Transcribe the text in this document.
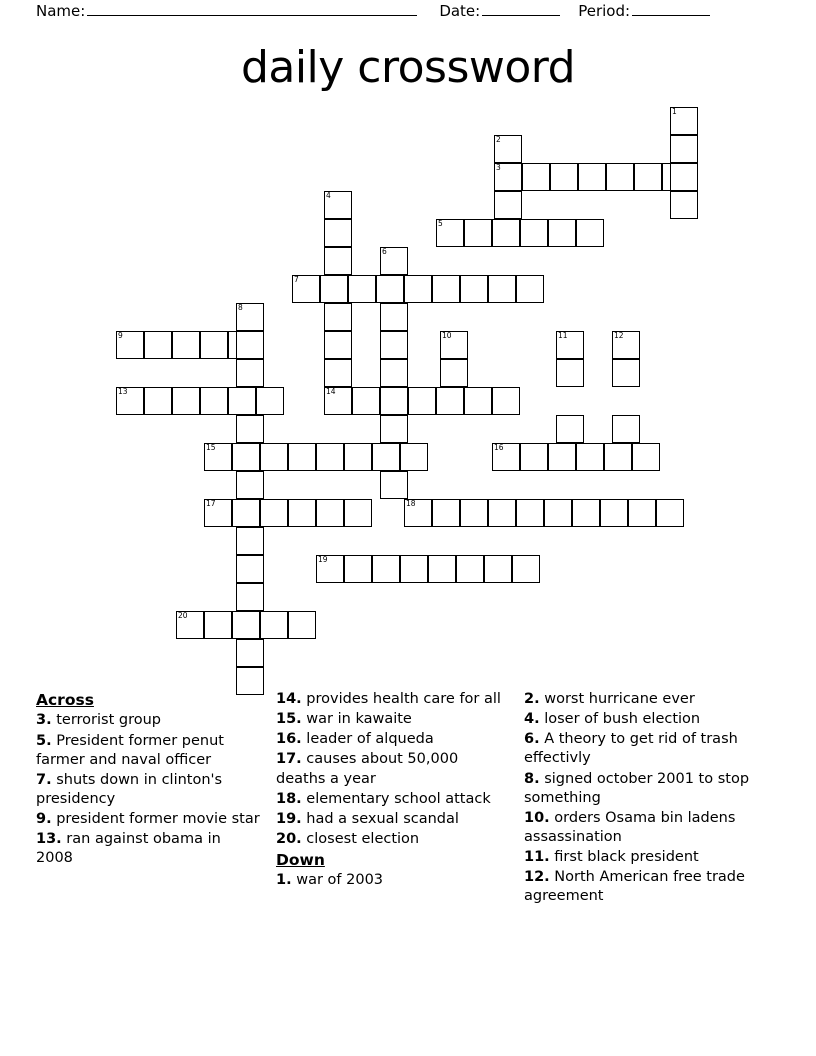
Name:	Date:	Period:
daily crossword
1
2
3
4
5
6
7
8
9	10	11	12
13	14
15	16
17	18
19
20
Across
3. terrorist group
5. President former penut farmer and naval officer
7. shuts down in clinton's presidency
9. president former movie star
13. ran against obama in 2008
14. provides health care for all
15. war in kawaite
16. leader of alqueda
17. causes about 50,000 deaths a year
18. elementary school attack
19. had a sexual scandal
20. closest election
Down
1. war of 2003
2. worst hurricane ever
4. loser of bush election
6. A theory to get rid of trash effectivly
8. signed october 2001 to stop something
10. orders Osama bin ladens assassination
11. first black president
12. North American free trade agreement
